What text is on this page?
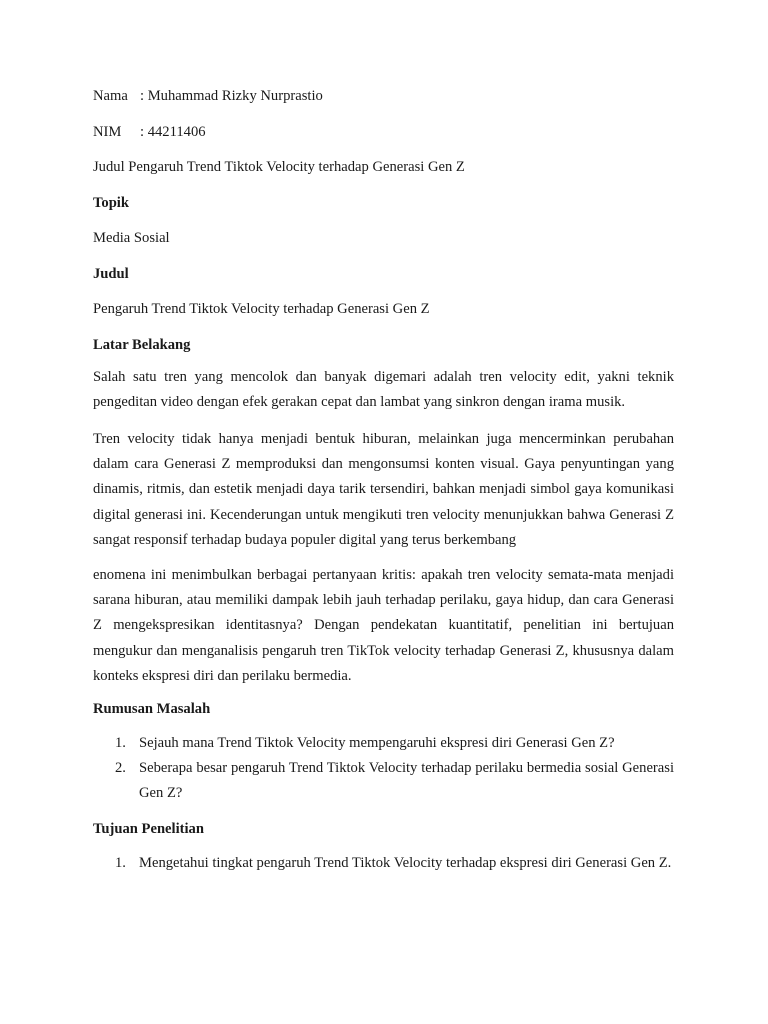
Nama : Muhammad Rizky Nurprastio
NIM : 44211406
Judul Pengaruh Trend Tiktok Velocity terhadap Generasi Gen Z
Topik
Media Sosial
Judul
Pengaruh Trend Tiktok Velocity terhadap Generasi Gen Z
Latar Belakang

Salah satu tren yang mencolok dan banyak digemari adalah tren velocity edit, yakni teknik pengeditan video dengan efek gerakan cepat dan lambat yang sinkron dengan irama musik.

Tren velocity tidak hanya menjadi bentuk hiburan, melainkan juga mencerminkan perubahan dalam cara Generasi Z memproduksi dan mengonsumsi konten visual. Gaya penyuntingan yang dinamis, ritmis, dan estetik menjadi daya tarik tersendiri, bahkan menjadi simbol gaya komunikasi digital generasi ini. Kecenderungan untuk mengikuti tren velocity menunjukkan bahwa Generasi Z sangat responsif terhadap budaya populer digital yang terus berkembang

enomena ini menimbulkan berbagai pertanyaan kritis: apakah tren velocity semata-mata menjadi sarana hiburan, atau memiliki dampak lebih jauh terhadap perilaku, gaya hidup, dan cara Generasi Z mengekspresikan identitasnya? Dengan pendekatan kuantitatif, penelitian ini bertujuan mengukur dan menganalisis pengaruh tren TikTok velocity terhadap Generasi Z, khususnya dalam konteks ekspresi diri dan perilaku bermedia.

Rumusan Masalah
1. Sejauh mana Trend Tiktok Velocity mempengaruhi ekspresi diri Generasi Gen Z?
2. Seberapa besar pengaruh Trend Tiktok Velocity terhadap perilaku bermedia sosial Generasi Gen Z?
Tujuan Penelitian
1. Mengetahui tingkat pengaruh Trend Tiktok Velocity terhadap ekspresi diri Generasi Gen Z.
